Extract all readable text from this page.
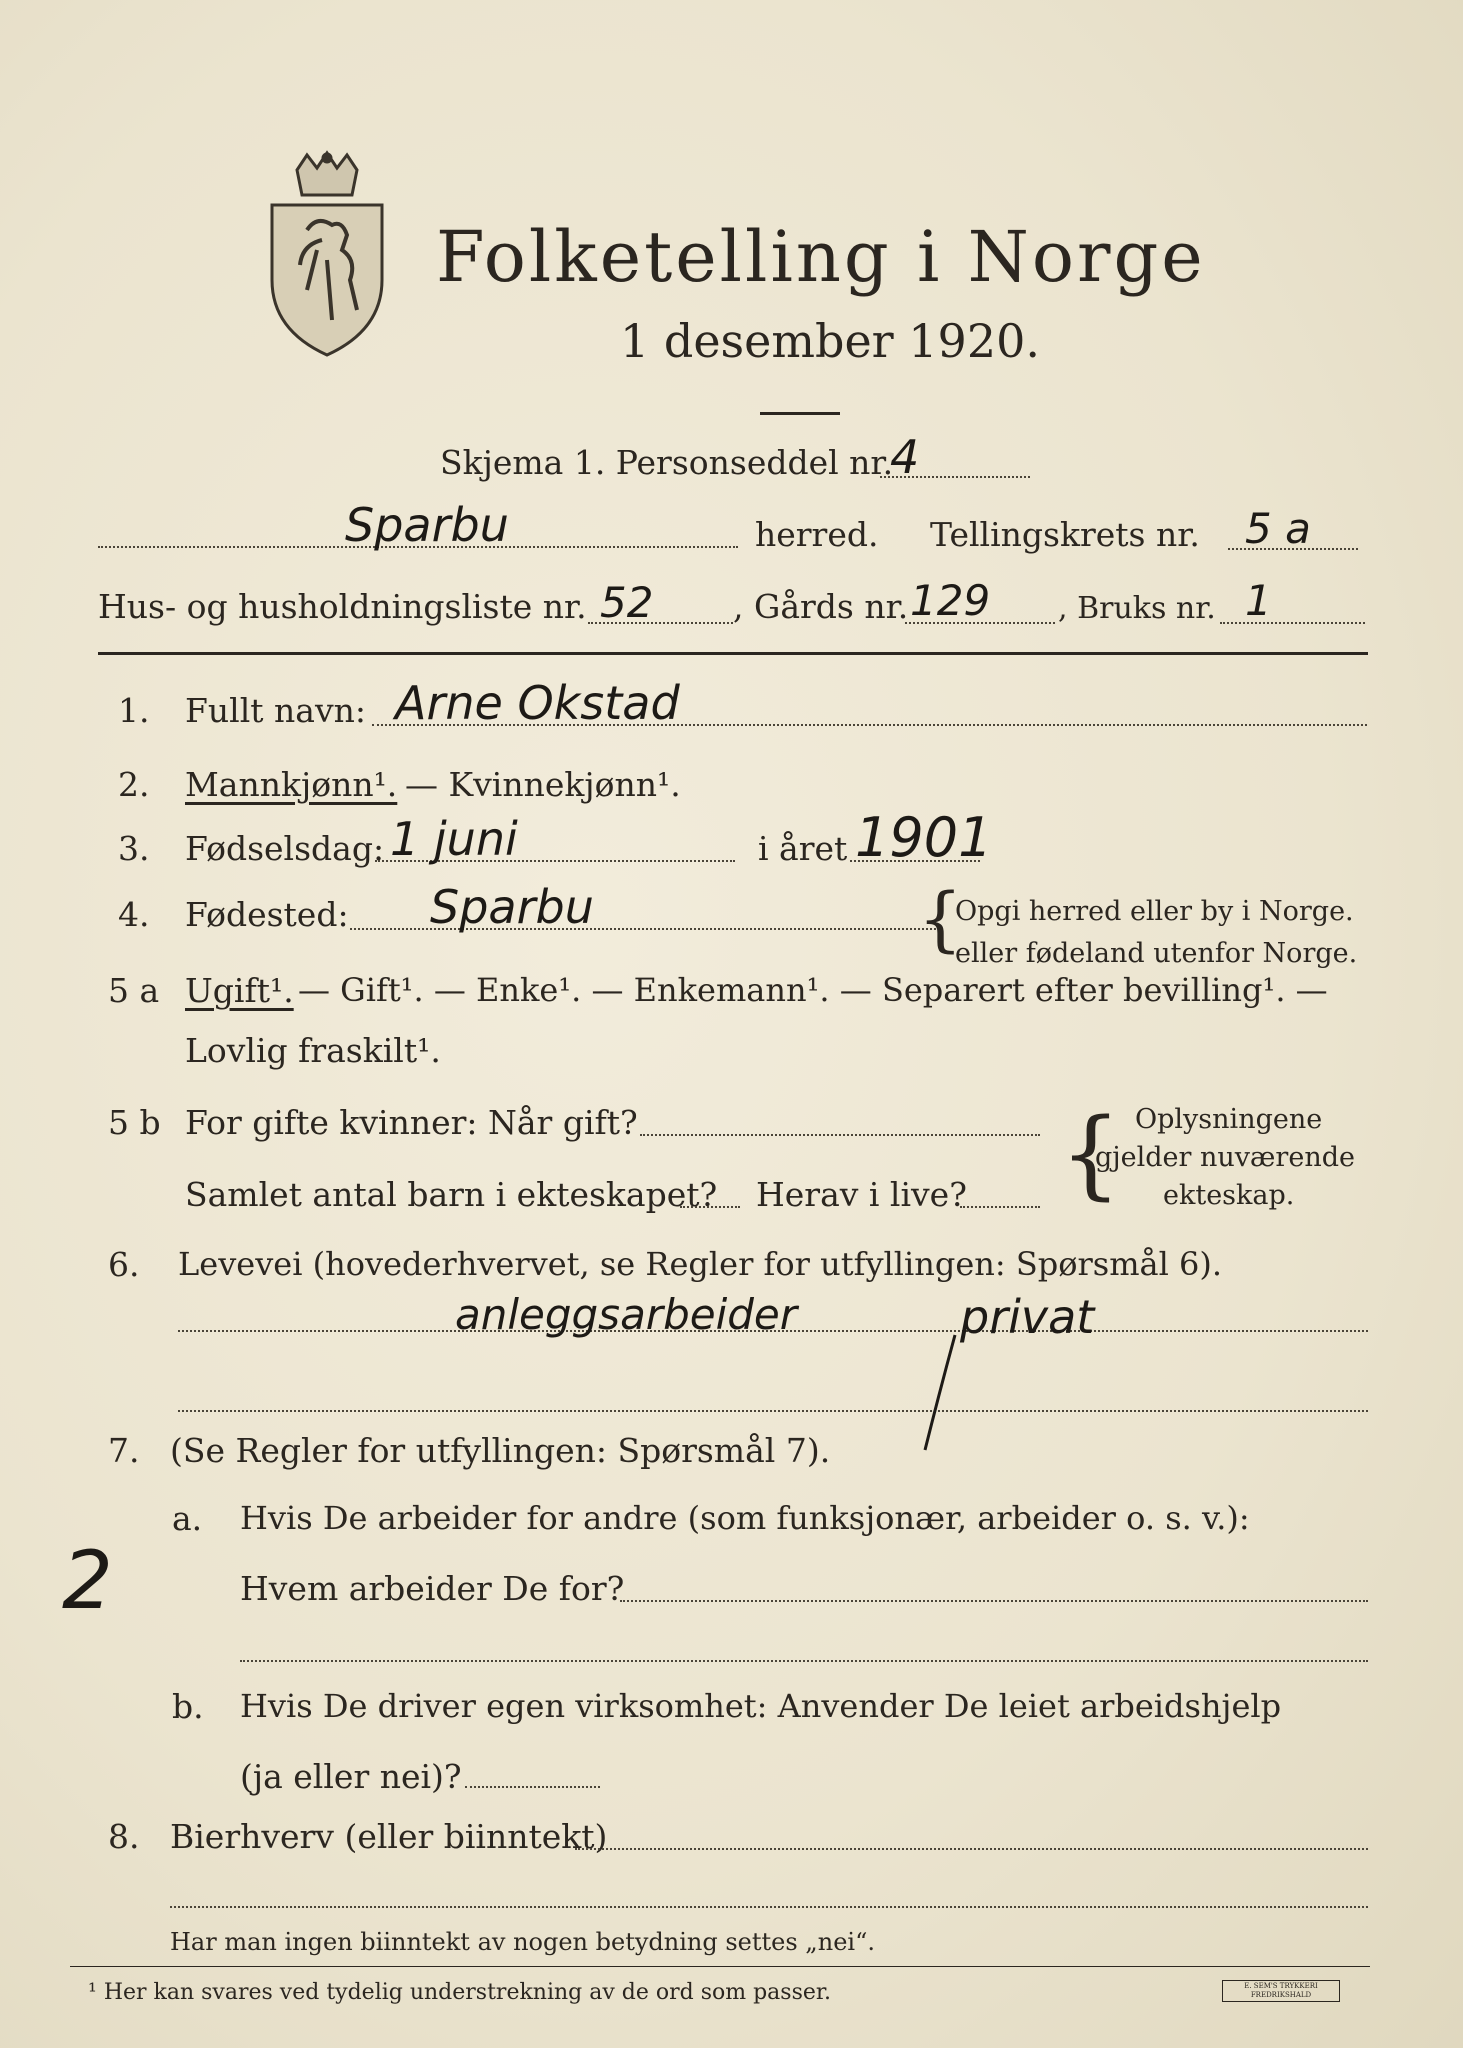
Folketelling i Norge
1 desember 1920.
Skjema 1. Personseddel nr.
4
Sparbu	herred. Tellingskrets nr. 5 a
Hus- og husholdningsliste nr. 52 , Gårds nr. 129 , Bruks nr. 1
1. Fullt navn: Arne Okstad
2. Mannkjønn¹. — Kvinnekjønn¹.
3. Fødselsdag: 1 juni	i året 1901
4. Fødested: Sparbu	{
Opgi herred eller by i Norge.
eller fødeland utenfor Norge.
5 a Ugift¹. — Gift¹. — Enke¹. — Enkemann¹. — Separert efter bevilling¹. —
Lovlig fraskilt¹.
5 b For gifte kvinner: Når gift?
Samlet antal barn i ekteskapet? Herav i live? { Oplysningene
gjelder nuværende
ekteskap.
6. Levevei (hovederhvervet, se Regler for utfyllingen: Spørsmål 6).
anleggsarbeider	privat
7. (Se Regler for utfyllingen: Spørsmål 7).
a. Hvis De arbeider for andre (som funksjonær, arbeider o. s. v.):
Hvem arbeider De for?
2
b. Hvis De driver egen virksomhet: Anvender De leiet arbeidshjelp
(ja eller nei)?
8. Bierhverv (eller biinntekt)
Har man ingen biinntekt av nogen betydning settes „nei“.
¹ Her kan svares ved tydelig understrekning av de ord som passer.	E. SEM'S TRYKKERI FREDRIKSHALD
